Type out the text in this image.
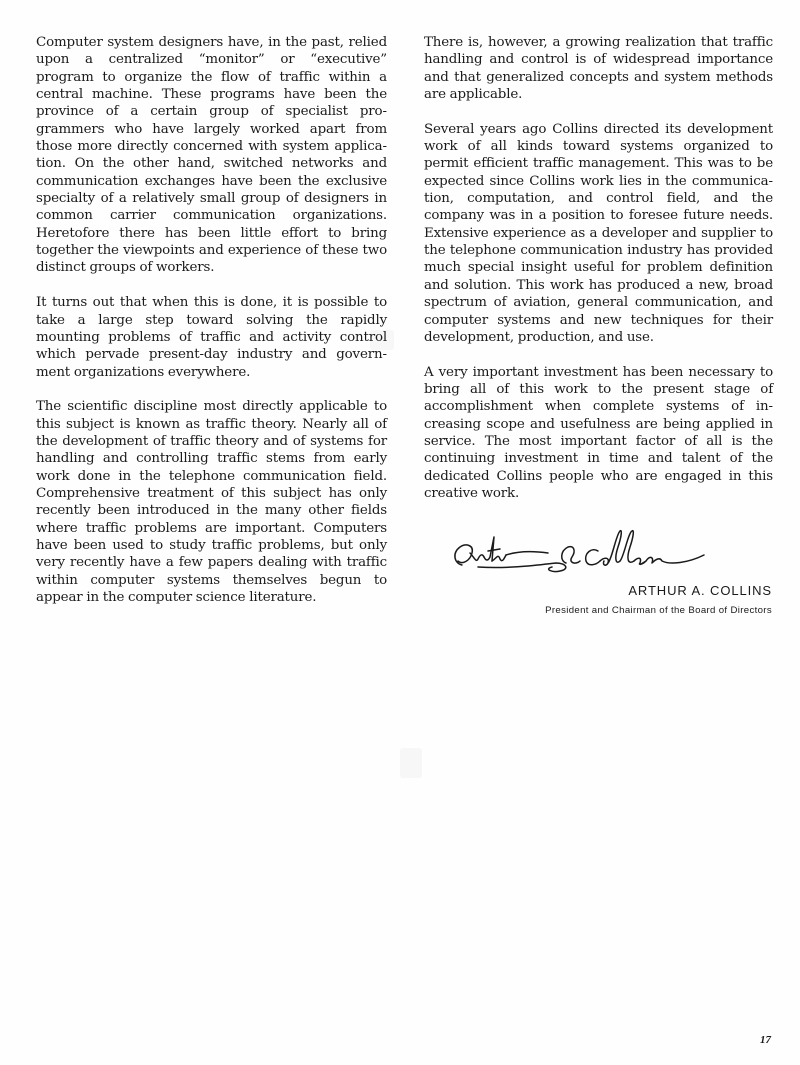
Computer system designers have, in the past, relied upon a centralized “monitor” or “executive” program to organize the flow of traffic within a central machine. These programs have been the province of a certain group of specialist programmers who have largely worked apart from those more directly concerned with system application. On the other hand, switched networks and communication exchanges have been the exclusive specialty of a relatively small group of designers in common carrier communication organizations. Heretofore there has been little effort to bring together the viewpoints and experience of these two distinct groups of workers.

It turns out that when this is done, it is possible to take a large step toward solving the rapidly mounting problems of traffic and activity control which pervade present-day industry and government organizations everywhere.

The scientific discipline most directly applicable to this subject is known as traffic theory. Nearly all of the development of traffic theory and of systems for handling and controlling traffic stems from early work done in the telephone communication field. Comprehensive treatment of this subject has only recently been introduced in the many other fields where traffic problems are important. Computers have been used to study traffic problems, but only very recently have a few papers dealing with traffic within computer systems themselves begun to appear in the computer science literature.

There is, however, a growing realization that traffic handling and control is of widespread importance and that generalized concepts and system methods are applicable.

Several years ago Collins directed its development work of all kinds toward systems organized to permit efficient traffic management. This was to be expected since Collins work lies in the communication, computation, and control field, and the company was in a position to foresee future needs. Extensive experience as a developer and supplier to the telephone communication industry has provided much special insight useful for problem definition and solution. This work has produced a new, broad spectrum of aviation, general communication, and computer systems and new techniques for their development, production, and use.

A very important investment has been necessary to bring all of this work to the present stage of accomplishment when complete systems of increasing scope and usefulness are being applied in service. The most important factor of all is the continuing investment in time and talent of the dedicated Collins people who are engaged in this creative work.

ARTHUR A. COLLINS
President and Chairman of the Board of Directors
17
